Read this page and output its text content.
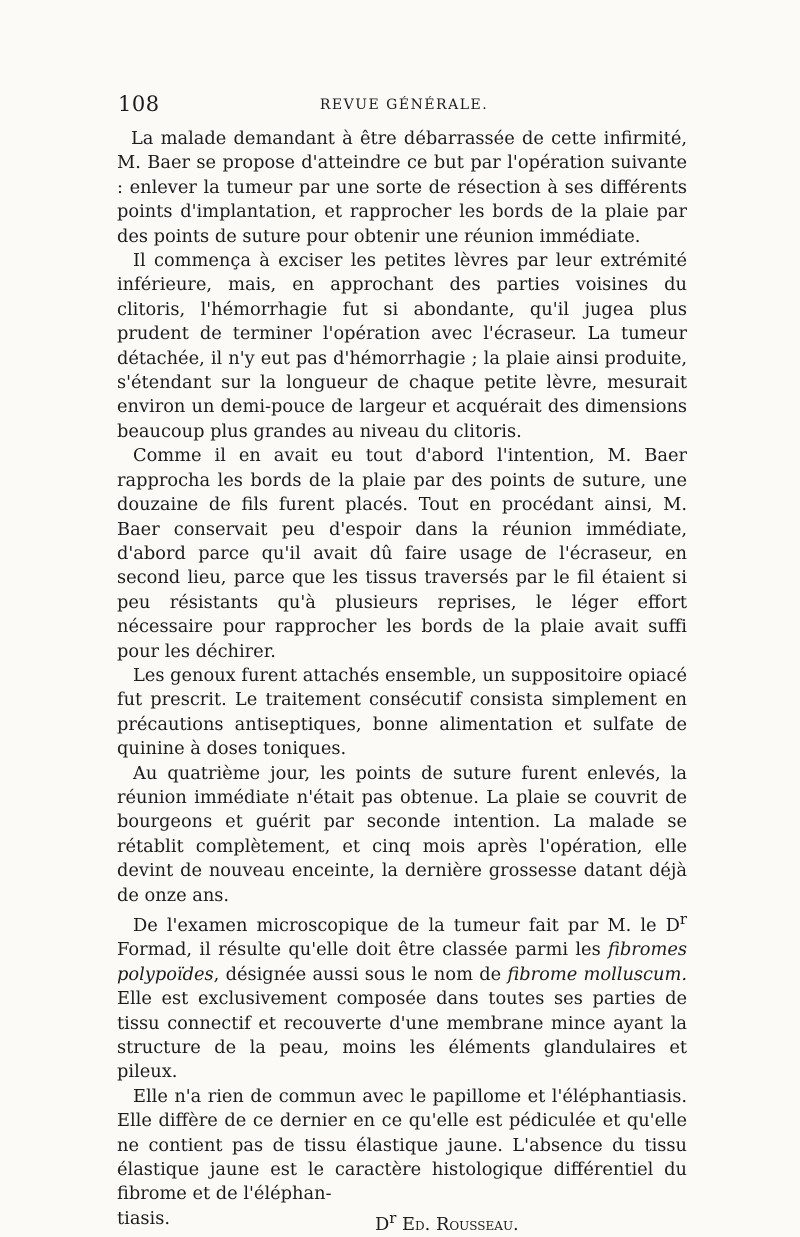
108	REVUE GÉNÉRALE.

La malade demandant à être débarrassée de cette infirmité, M. Baer se propose d'atteindre ce but par l'opération suivante : enlever la tumeur par une sorte de résection à ses différents points d'implantation, et rapprocher les bords de la plaie par des points de suture pour obtenir une réunion immédiate.

Il commença à exciser les petites lèvres par leur extrémité inférieure, mais, en approchant des parties voisines du clitoris, l'hémorrhagie fut si abondante, qu'il jugea plus prudent de terminer l'opération avec l'écraseur. La tumeur détachée, il n'y eut pas d'hémorrhagie ; la plaie ainsi produite, s'étendant sur la longueur de chaque petite lèvre, mesurait environ un demi-pouce de largeur et acquérait des dimensions beaucoup plus grandes au niveau du clitoris.

Comme il en avait eu tout d'abord l'intention, M. Baer rapprocha les bords de la plaie par des points de suture, une douzaine de fils furent placés. Tout en procédant ainsi, M. Baer conservait peu d'espoir dans la réunion immédiate, d'abord parce qu'il avait dû faire usage de l'écraseur, en second lieu, parce que les tissus traversés par le fil étaient si peu résistants qu'à plusieurs reprises, le léger effort nécessaire pour rapprocher les bords de la plaie avait suffi pour les déchirer.

Les genoux furent attachés ensemble, un suppositoire opiacé fut prescrit. Le traitement consécutif consista simplement en précautions antiseptiques, bonne alimentation et sulfate de quinine à doses toniques.

Au quatrième jour, les points de suture furent enlevés, la réunion immédiate n'était pas obtenue. La plaie se couvrit de bourgeons et guérit par seconde intention. La malade se rétablit complètement, et cinq mois après l'opération, elle devint de nouveau enceinte, la dernière grossesse datant déjà de onze ans.

De l'examen microscopique de la tumeur fait par M. le $D^r$ Formad, il résulte qu'elle doit être classée parmi les fibromes polypoïdes, désignée aussi sous le nom de fibrome molluscum. Elle est exclusivement composée dans toutes ses parties de tissu connectif et recouverte d'une membrane mince ayant la structure de la peau, moins les éléments glandulaires et pileux.

Elle n'a rien de commun avec le papillome et l'éléphantiasis. Elle diffère de ce dernier en ce qu'elle est pédiculée et qu'elle ne contient pas de tissu élastique jaune. L'absence du tissu élastique jaune est le caractère histologique différentiel du fibrome et de l'éléphan-

tiasis.	$D^r$ Ed. Rousseau.
